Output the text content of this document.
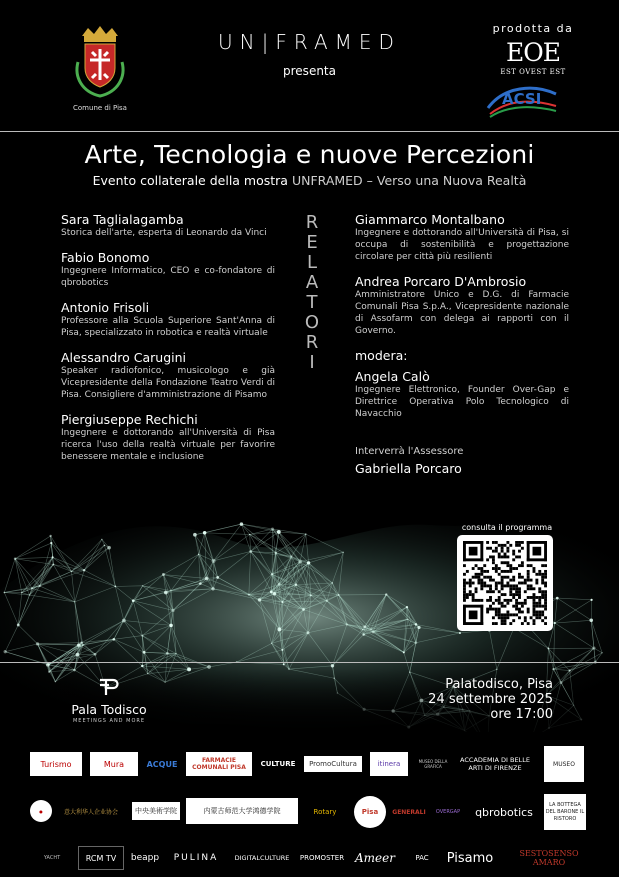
Comune di Pisa
UN|FRAMED
presenta
prodotta da
EOE
EST OVEST EST
ACSI
Arte, Tecnologia e nuove Percezioni
Evento collaterale della mostra UNFRAMED – Verso una Nuova Realtà
R
E
L
A
T
O
R
I
Sara Taglialagamba
Storica dell'arte, esperta di Leonardo da Vinci
Fabio Bonomo
Ingegnere Informatico, CEO e co-fondatore di qbrobotics
Antonio Frisoli
Professore alla Scuola Superiore Sant'Anna di Pisa, specializzato in robotica e realtà virtuale
Alessandro Carugini
Speaker radiofonico, musicologo e già Vicepresidente della Fondazione Teatro Verdi di Pisa. Consigliere d'amministrazione di Pisamo
Piergiuseppe Rechichi
Ingegnere e dottorando all'Università di Pisa ricerca l'uso della realtà virtuale per favorire benessere mentale e inclusione
Giammarco Montalbano
Ingegnere e dottorando all'Università di Pisa, si occupa di sostenibilità e progettazione circolare per città più resilienti
Andrea Porcaro D'Ambrosio
Amministratore Unico e D.G. di Farmacie Comunali Pisa S.p.A., Vicepresidente nazionale di Assofarm con delega ai rapporti con il Governo.
modera:
Angela Calò
Ingegnere Elettronico, Founder Over-Gap e Direttrice Operativa Polo Tecnologico di Navacchio
Interverrà l'Assessore
Gabriella Porcaro
consulta il programma
Pala Todisco
MEETINGS AND MORE
Palatodisco, Pisa
24 settembre 2025
ore 17:00
Turismo	Mura	ACQUE	FARMACIE COMUNALI PISA	CULTURE	PromoCultura	itinera	MUSEO DELLA GRAFICA
ACCADEMIA DI BELLE ARTI DI FIRENZE	MUSEO
●	意大利华人企业协会	中央美術学院	内蒙古师范大学鸿德学院	Rotary	Pisa	GENERALI	OVERGAP	qbrobotics
LA BOTTEGA DEL BARONE IL RISTORO
YACHT	RCM TV	beapp	PULINA	DIGITALCULTURE	PROMOSTER Ameer	PAC	Pisamo	SESTOSENSO AMARO
